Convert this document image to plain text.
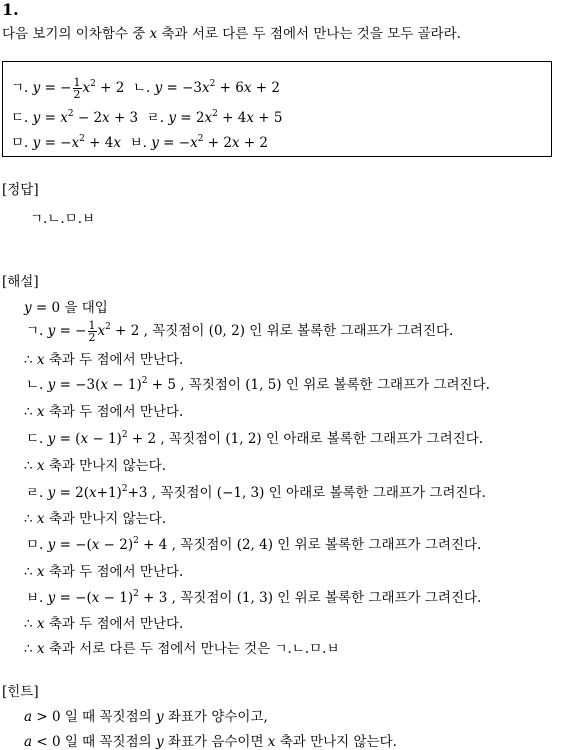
1.
다음 보기의 이차함수 중 x 축과 서로 다른 두 점에서 만나는 것을 모두 골라라.
ㄱ. y = − $\frac{1}{2} x^2 + 2$  ㄴ. $y = -3x^2 + 6x + 2$
ㄷ. $y = x^2 - 2x + 3$  ㄹ. $y = 2x^2 + 4x + 5$
ㅁ. $y = -x^2 + 4x$ ㅂ. $y = -x^2 + 2x + 2$
[정답]
ㄱ.ㄴ.ㅁ.ㅂ
[해설]
y = 0 을 대입
ㄱ. y = − $\frac{1}{2} x^2 + 2$ , 꼭짓점이 (0, 2) 인 위로 볼록한 그래프가 그려진다.
∴ x 축과 두 점에서 만난다.
ㄴ. $y = -3(x - 1)^2 + 5$ , 꼭짓점이 (1, 5) 인 위로 볼록한 그래프가 그려진다.
∴ x 축과 두 점에서 만난다.
ㄷ. $y = (x - 1)^2 + 2$ , 꼭짓점이 (1, 2) 인 아래로 볼록한 그래프가 그려진다.
∴ x 축과 만나지 않는다.
ㄹ. $y = 2(x+1)^2+3$ , 꼭짓점이 (−1, 3) 인 아래로 볼록한 그래프가 그려진다.
∴ x 축과 만나지 않는다.
ㅁ. $y = -(x - 2)^2 + 4$ , 꼭짓점이 (2, 4) 인 위로 볼록한 그래프가 그려진다.
∴ x 축과 두 점에서 만난다.
ㅂ. $y = -(x - 1)^2 + 3$ , 꼭짓점이 (1, 3) 인 위로 볼록한 그래프가 그려진다.
∴ x 축과 두 점에서 만난다.
∴ x 축과 서로 다른 두 점에서 만나는 것은 ㄱ.ㄴ.ㅁ.ㅂ
[힌트]
a > 0 일 때 꼭짓점의 y 좌표가 양수이고,
a < 0 일 때 꼭짓점의 y 좌표가 음수이면 x 축과 만나지 않는다.
